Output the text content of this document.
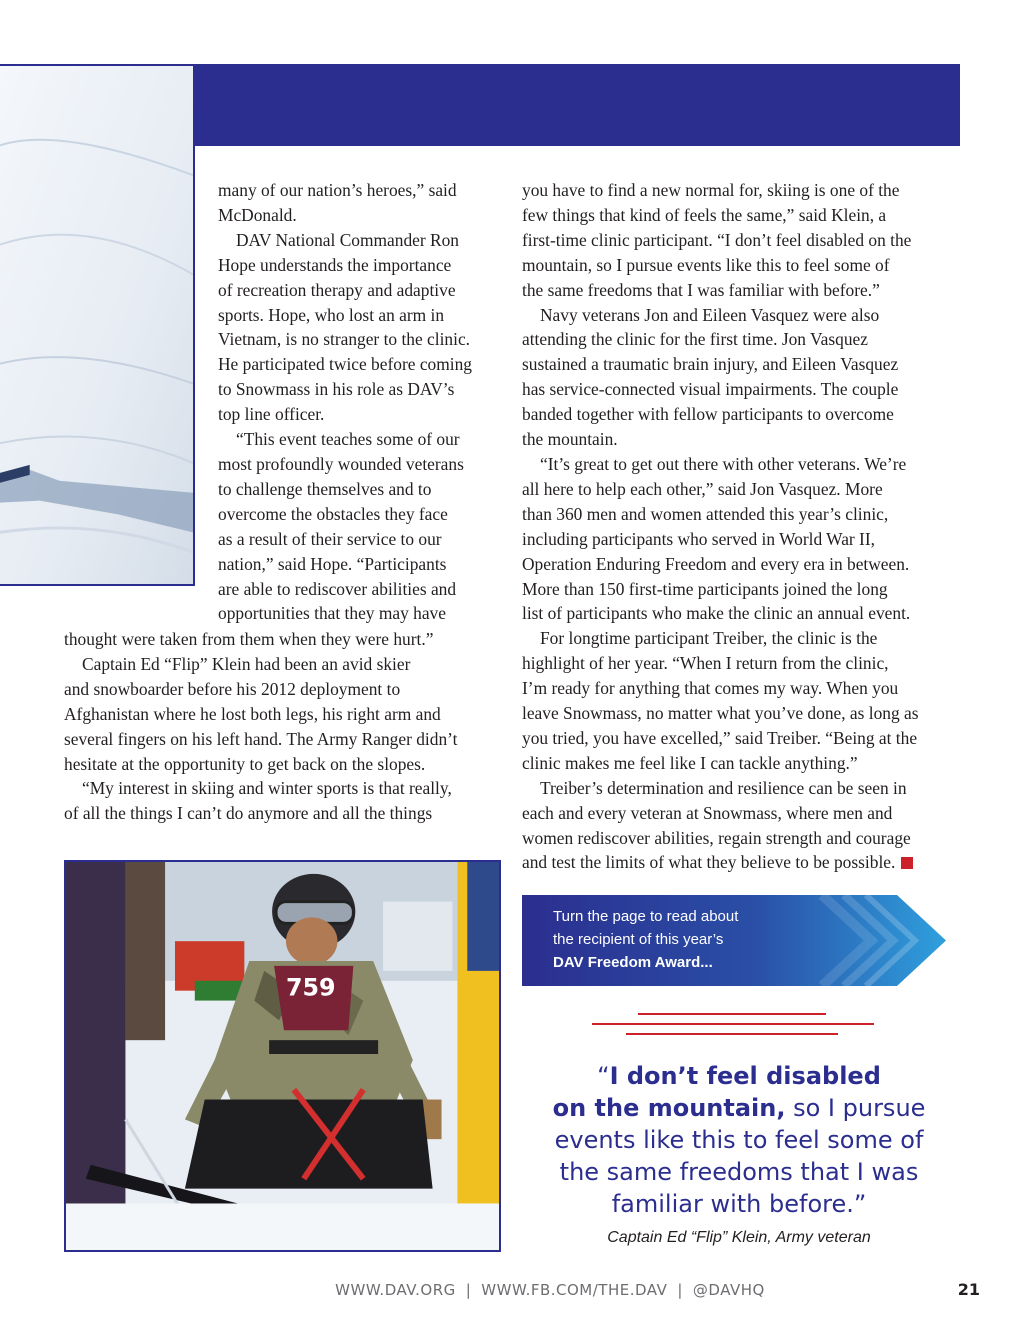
many of our nation’s heroes,” said
McDonald.

DAV National Commander Ron
Hope understands the importance
of recreation therapy and adaptive
sports. Hope, who lost an arm in
Vietnam, is no stranger to the clinic.
He participated twice before coming
to Snowmass in his role as DAV’s
top line officer.

“This event teaches some of our
most profoundly wounded veterans
to challenge themselves and to
overcome the obstacles they face
as a result of their service to our
nation,” said Hope. “Participants
are able to rediscover abilities and
opportunities that they may have

thought were taken from them when they were hurt.”

Captain Ed “Flip” Klein had been an avid skier
and snowboarder before his 2012 deployment to
Afghanistan where he lost both legs, his right arm and
several fingers on his left hand. The Army Ranger didn’t
hesitate at the opportunity to get back on the slopes.

“My interest in skiing and winter sports is that really,
of all the things I can’t do anymore and all the things

759

you have to find a new normal for, skiing is one of the
few things that kind of feels the same,” said Klein, a
first-time clinic participant. “I don’t feel disabled on the
mountain, so I pursue events like this to feel some of
the same freedoms that I was familiar with before.”

Navy veterans Jon and Eileen Vasquez were also
attending the clinic for the first time. Jon Vasquez
sustained a traumatic brain injury, and Eileen Vasquez
has service-connected visual impairments. The couple
banded together with fellow participants to overcome
the mountain.

“It’s great to get out there with other veterans. We’re
all here to help each other,” said Jon Vasquez. More
than 360 men and women attended this year’s clinic,
including participants who served in World War II,
Operation Enduring Freedom and every era in between.
More than 150 first-time participants joined the long
list of participants who make the clinic an annual event.

For longtime participant Treiber, the clinic is the
highlight of her year. “When I return from the clinic,
I’m ready for anything that comes my way. When you
leave Snowmass, no matter what you’ve done, as long as
you tried, you have excelled,” said Treiber. “Being at the
clinic makes me feel like I can tackle anything.”

Treiber’s determination and resilience can be seen in
each and every veteran at Snowmass, where men and
women rediscover abilities, regain strength and courage
and test the limits of what they believe to be possible.

Turn the page to read about
the recipient of this year’s
DAV Freedom Award...
“I don’t feel disabled
on the mountain, so I pursue
events like this to feel some of
the same freedoms that I was
familiar with before.”
Captain Ed “Flip” Klein, Army veteran
WWW.DAV.ORG | WWW.FB.COM/THE.DAV | @DAVHQ	21
